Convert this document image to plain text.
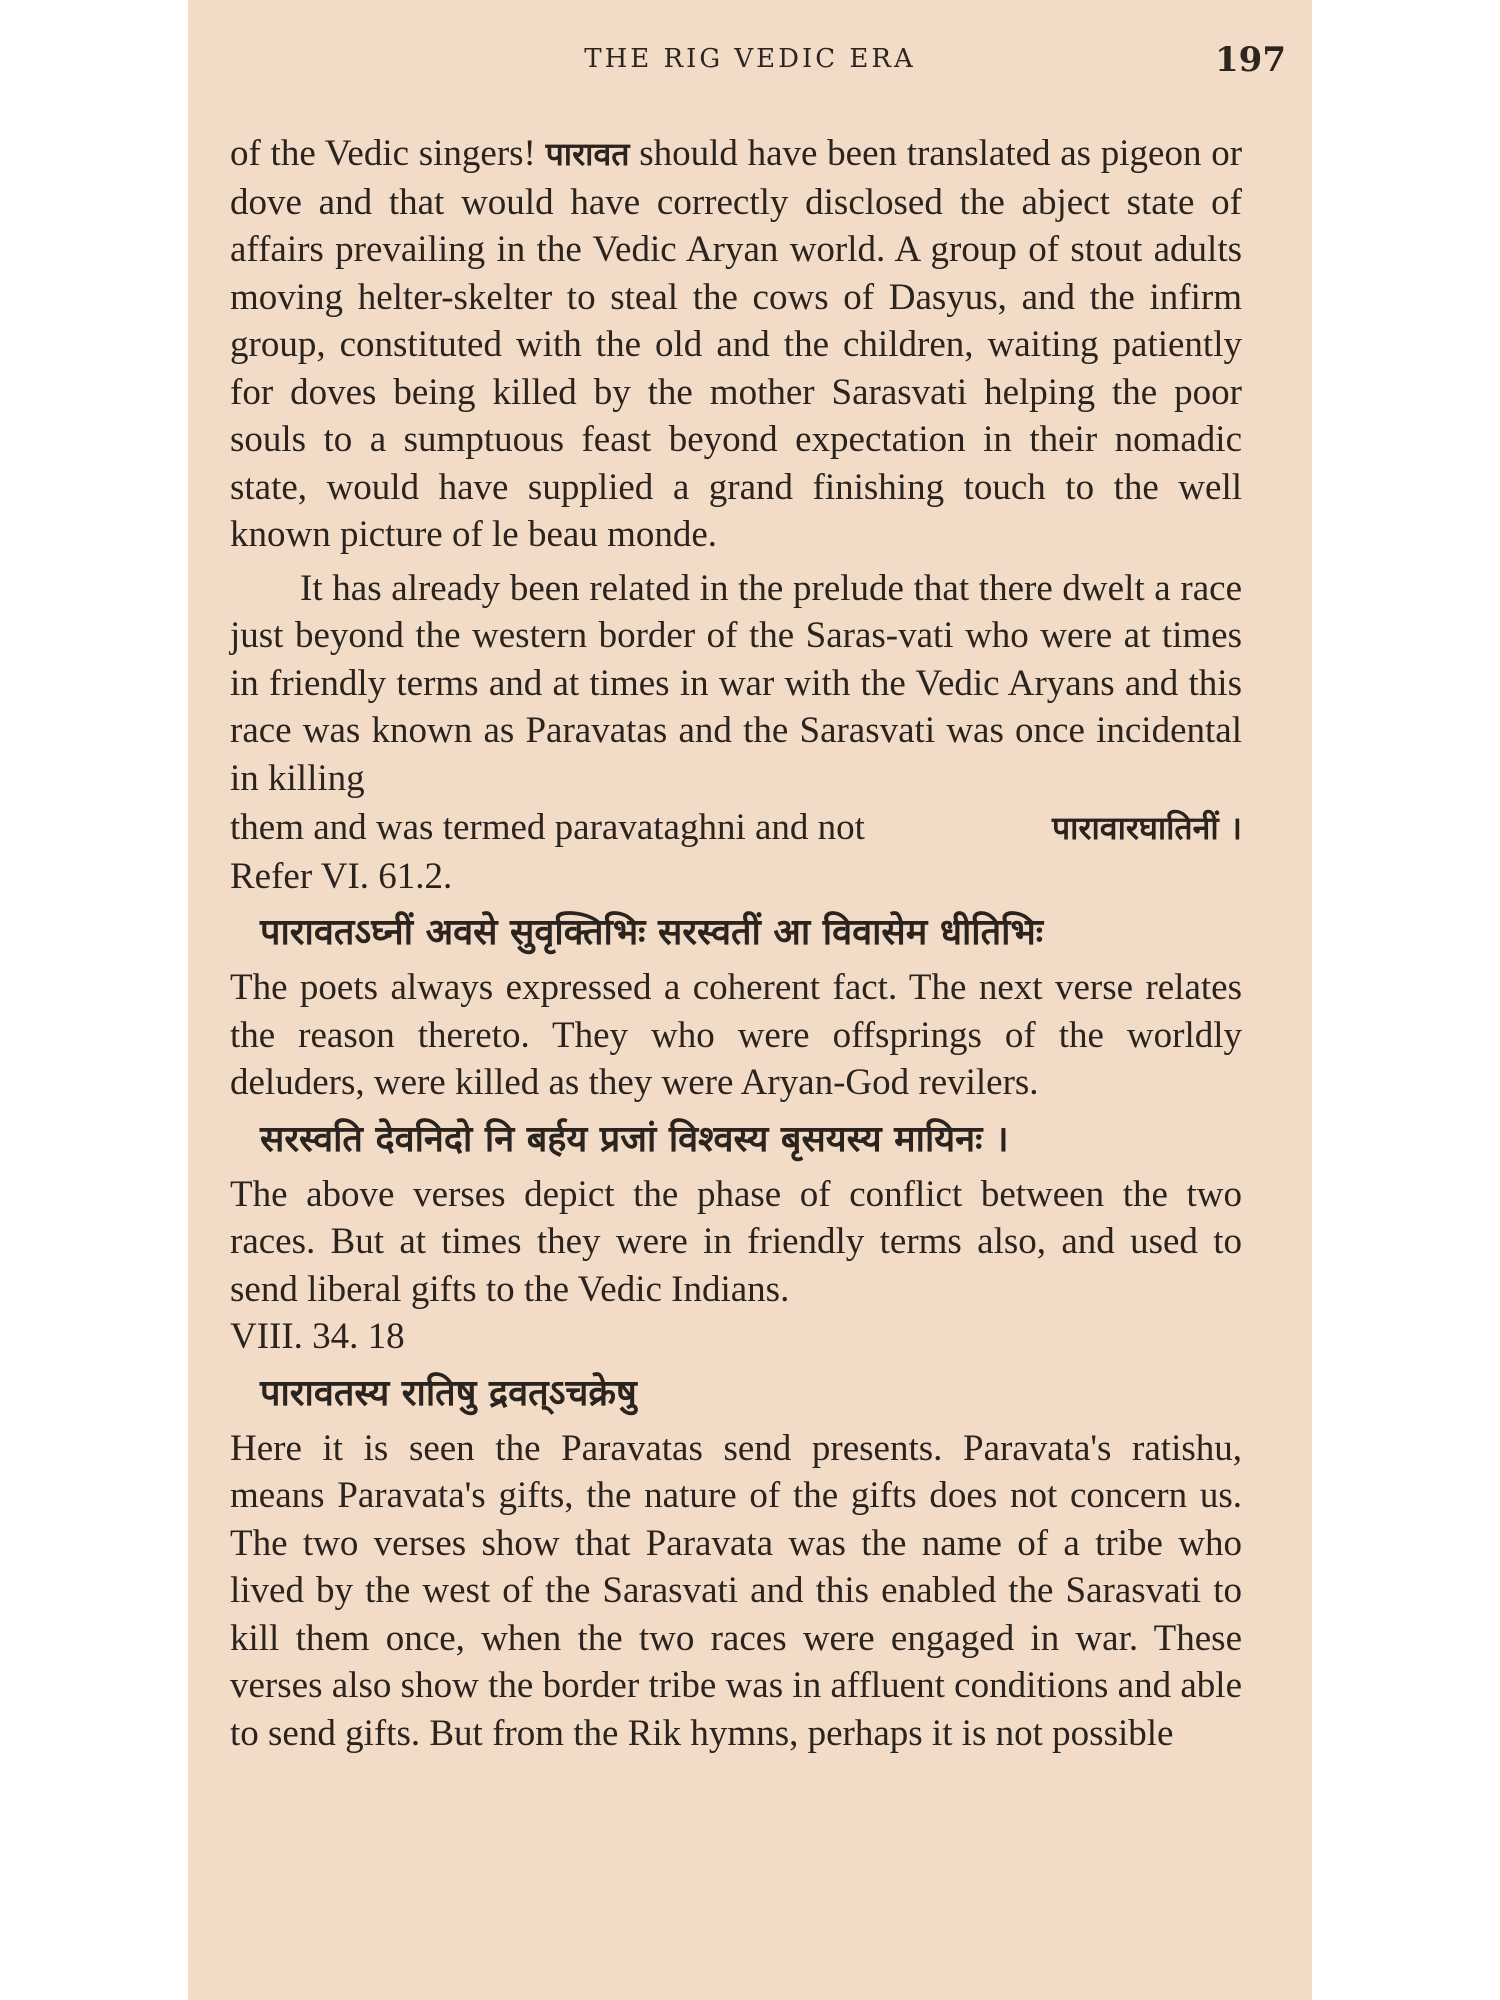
THE RIG VEDIC ERA	197

of the Vedic singers! पारावत should have been translated as pigeon or dove and that would have correctly disclosed the abject state of affairs prevailing in the Vedic Aryan world. A group of stout adults moving helter-skelter to steal the cows of Dasyus, and the infirm group, constituted with the old and the children, waiting patiently for doves being killed by the mother Sarasvati helping the poor souls to a sumptuous feast beyond expectation in their nomadic state, would have supplied a grand finishing touch to the well known picture of le beau monde.

It has already been related in the prelude that there dwelt a race just beyond the western border of the Saras-vati who were at times in friendly terms and at times in war with the Vedic Aryans and this race was known as Paravatas and the Sarasvati was once incidental in killing

them and was termed paravataghni and not	पारावारघातिनीं ।

Refer VI. 61.2.

पारावतऽघ्नीं अवसे सुवृक्तिभिः सरस्वतीं आ विवासेम धीतिभिः

The poets always expressed a coherent fact. The next verse relates the reason thereto. They who were offsprings of the worldly deluders, were killed as they were Aryan-God revilers.

सरस्वति देवनिदो नि बर्हय प्रजां विश्वस्य बृसयस्य मायिनः ।

The above verses depict the phase of conflict between the two races. But at times they were in friendly terms also, and used to send liberal gifts to the Vedic Indians.

VIII. 34. 18

पारावतस्य रातिषु द्रवत्ऽचक्रेषु

Here it is seen the Paravatas send presents. Paravata's ratishu, means Paravata's gifts, the nature of the gifts does not concern us. The two verses show that Paravata was the name of a tribe who lived by the west of the Sarasvati and this enabled the Sarasvati to kill them once, when the two races were engaged in war. These verses also show the border tribe was in affluent conditions and able to send gifts. But from the Rik hymns, perhaps it is not possible
